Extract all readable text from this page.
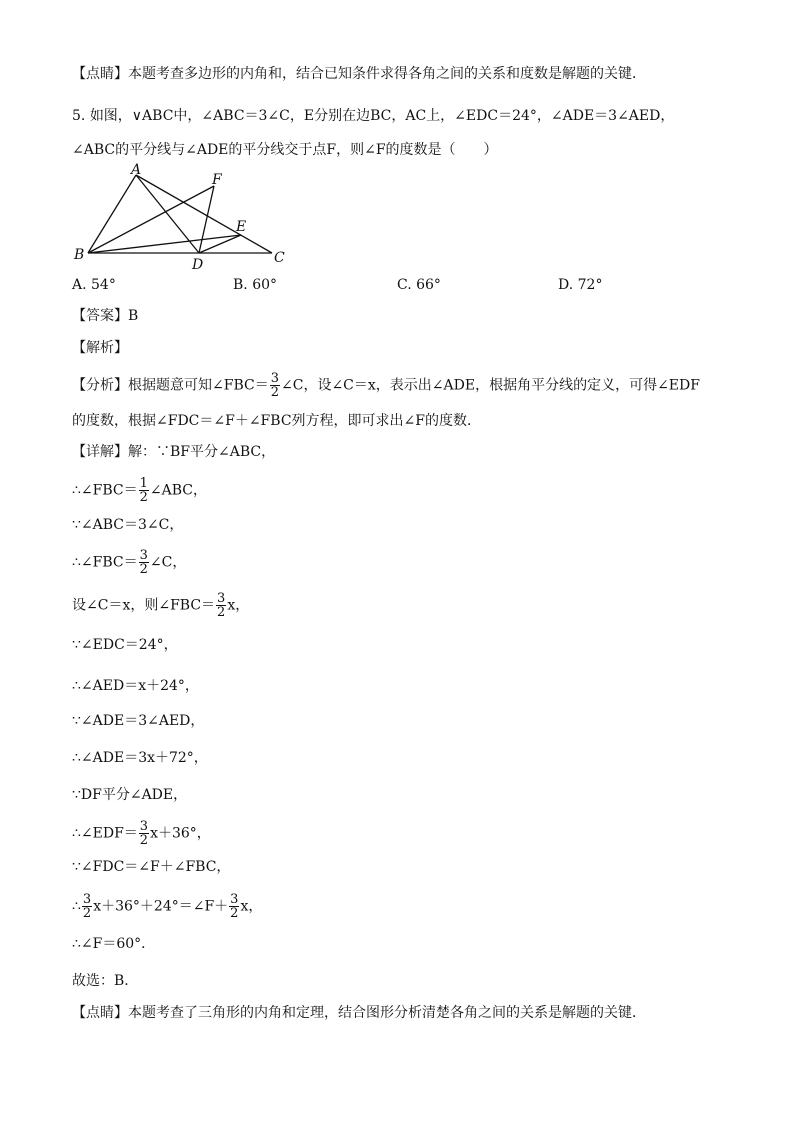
【点睛】本题考查多边形的内角和，结合已知条件求得各角之间的关系和度数是解题的关键．
5. 如图，∨ABC中，∠ABC＝3∠C，E分别在边BC，AC上，∠EDC＝24°，∠ADE＝3∠AED，
∠ABC的平分线与∠ADE的平分线交于点F，则∠F的度数是（　　）
A
F
E
B
D	C
A. 54°	B. 60°	C. 66°	D. 72°
【答案】B
【解析】
【分析】根据题意可知∠FBC＝ $\frac{3}{2}$ ∠C，设∠C＝x，表示出∠ADE，根据角平分线的定义，可得∠EDF
的度数，根据∠FDC＝∠F＋∠FBC列方程，即可求出∠F的度数．
【详解】解：∵BF平分∠ABC，
∴∠FBC＝ $\frac{1}{2}$ ∠ABC，
∵∠ABC＝3∠C，
∴∠FBC＝ $\frac{3}{2}$ ∠C，
设∠C＝x，则∠FBC＝ $\frac{3}{2}$ x，
∵∠EDC＝24°，
∴∠AED＝x＋24°，
∵∠ADE＝3∠AED，
∴∠ADE＝3x＋72°，
∵DF平分∠ADE，
∴∠EDF＝ $\frac{3}{2} x+36^\circ$，
∵∠FDC＝∠F＋∠FBC，
∴ $\frac{3}{2}$ x＋36°＋24°＝∠F＋ $\frac{3}{2}$ x，
∴∠F＝60°．
故选：B．
【点睛】本题考查了三角形的内角和定理，结合图形分析清楚各角之间的关系是解题的关键．
